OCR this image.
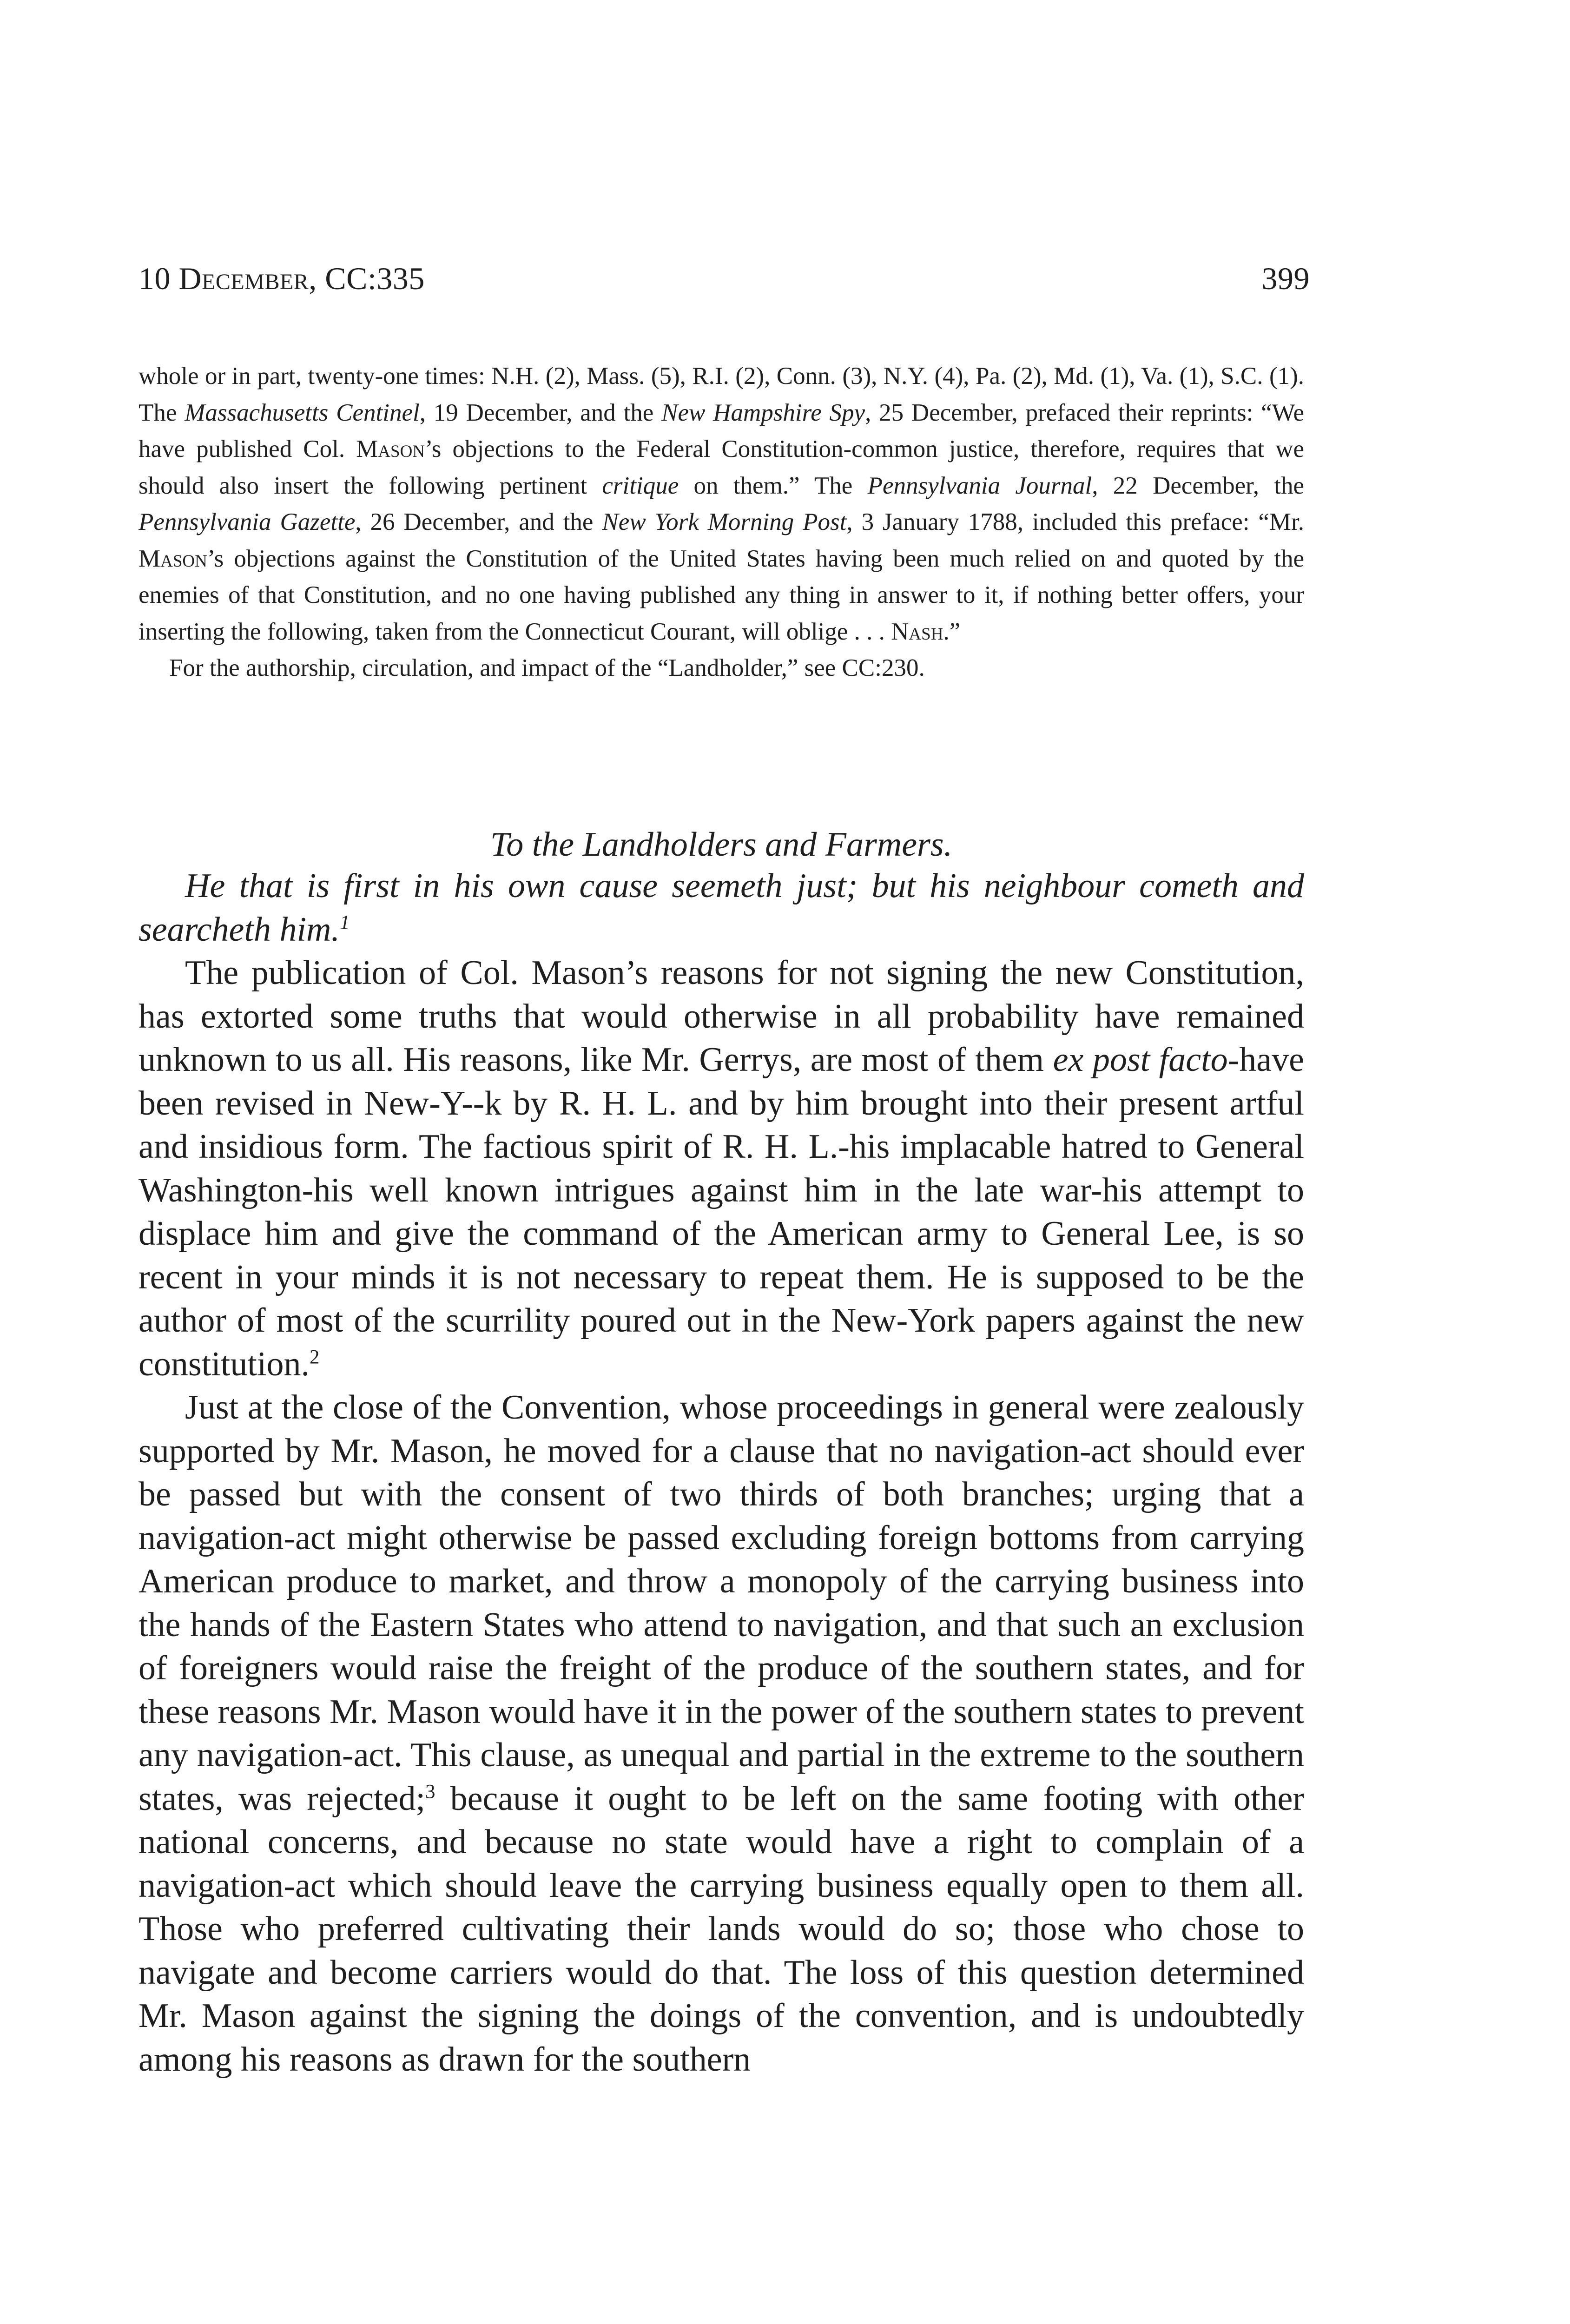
10 December, CC:335	399

whole or in part, twenty-one times: N.H. (2), Mass. (5), R.I. (2), Conn. (3), N.Y. (4), Pa. (2), Md. (1), Va. (1), S.C. (1). The Massachusetts Centinel, 19 December, and the New Hampshire Spy, 25 December, prefaced their reprints: “We have published Col. Mason’s objections to the Federal Constitution-common justice, therefore, requires that we should also insert the following pertinent critique on them.” The Pennsylvania Journal, 22 December, the Pennsylvania Gazette, 26 December, and the New York Morning Post, 3 January 1788, included this preface: “Mr. Mason’s objections against the Constitution of the United States having been much relied on and quoted by the enemies of that Constitution, and no one having published any thing in answer to it, if nothing better offers, your inserting the following, taken from the Connecticut Courant, will oblige . . . Nash.”

For the authorship, circulation, and impact of the “Landholder,” see CC:230.

To the Landholders and Farmers.

He that is first in his own cause seemeth just; but his neighbour cometh and searcheth him.$^1$

The publication of Col. Mason’s reasons for not signing the new Constitution, has extorted some truths that would otherwise in all probability have remained unknown to us all. His reasons, like Mr. Gerrys, are most of them ex post facto-have been revised in New-Y--k by R. H. L. and by him brought into their present artful and insidious form. The factious spirit of R. H. L.-his implacable hatred to General Washington-his well known intrigues against him in the late war-his attempt to displace him and give the command of the American army to General Lee, is so recent in your minds it is not necessary to repeat them. He is supposed to be the author of most of the scurrility poured out in the New-York papers against the new constitution.$^2$

Just at the close of the Convention, whose proceedings in general were zealously supported by Mr. Mason, he moved for a clause that no navigation-act should ever be passed but with the consent of two thirds of both branches; urging that a navigation-act might otherwise be passed excluding foreign bottoms from carrying American produce to market, and throw a monopoly of the carrying business into the hands of the Eastern States who attend to navigation, and that such an exclusion of foreigners would raise the freight of the produce of the southern states, and for these reasons Mr. Mason would have it in the power of the southern states to prevent any navigation-act. This clause, as unequal and partial in the extreme to the southern states, was rejected;$^3$ because it ought to be left on the same footing with other national concerns, and because no state would have a right to complain of a navigation-act which should leave the carrying business equally open to them all. Those who preferred cultivating their lands would do so; those who chose to navigate and become carriers would do that. The loss of this question determined Mr. Mason against the signing the doings of the convention, and is undoubtedly among his reasons as drawn for the southern
